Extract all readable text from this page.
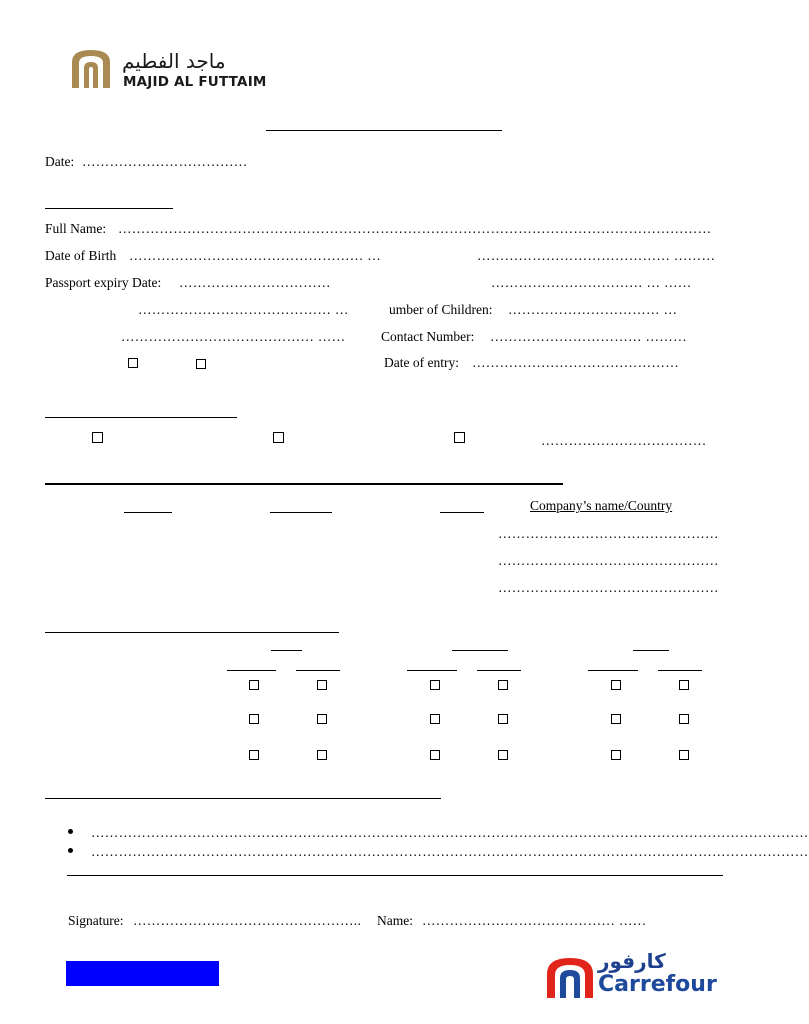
ماجد الفطيم
MAJID AL FUTTAIM
Date: ………………………………
Full Name: …………………………………………………………………………………………………………………
Date of Birth …………………………………………… …	…………………………………… ………
Passport expiry Date: ……………………………	…………………………… … ……
…………………………………… …	umber of Children: …………………………… …
…………………………………… ……	Contact Number: …………………………… ………
Date of entry: ………………………………………
………………………………
Company’s name/Country
…………………………………………
…………………………………………
…………………………………………
…………………………………………………………………………………………………………………………………………
…………………………………………………………………………………………………………………………………………
Signature: …………………………………………..	Name: …………………………………… ……
كارفور
Carrefour
